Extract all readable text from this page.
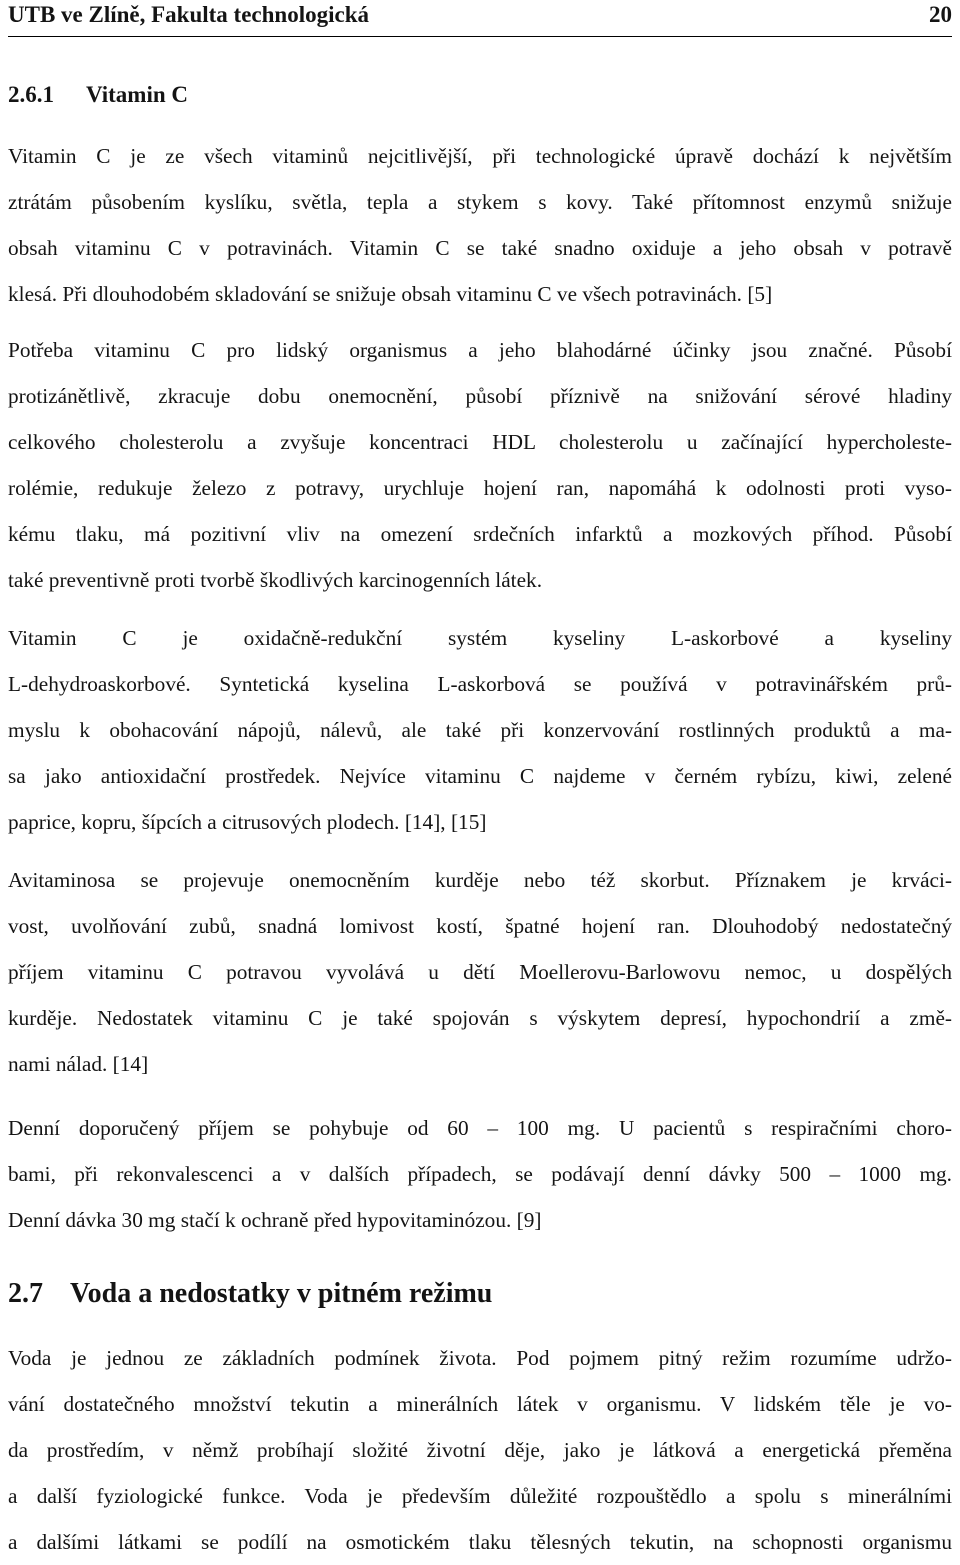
UTB ve Zlíně, Fakulta technologická	20
2.6.1 Vitamin C
Vitamin C je ze všech vitaminů nejcitlivější, při technologické úpravě dochází k největším
ztrátám působením kyslíku, světla, tepla a stykem s kovy. Také přítomnost enzymů snižuje
obsah vitaminu C v potravinách. Vitamin C se také snadno oxiduje a jeho obsah v potravě
klesá. Při dlouhodobém skladování se snižuje obsah vitaminu C ve všech potravinách. [5]
Potřeba vitaminu C pro lidský organismus a jeho blahodárné účinky jsou značné. Působí
protizánětlivě, zkracuje dobu onemocnění, působí příznivě na snižování sérové hladiny
celkového cholesterolu a zvyšuje koncentraci HDL cholesterolu u začínající hypercholeste-
rolémie, redukuje železo z potravy, urychluje hojení ran, napomáhá k odolnosti proti vyso-
kému tlaku, má pozitivní vliv na omezení srdečních infarktů a mozkových příhod. Působí
také preventivně proti tvorbě škodlivých karcinogenních látek.
Vitamin C je oxidačně-redukční systém kyseliny L-askorbové a kyseliny
L-dehydroaskorbové. Syntetická kyselina L-askorbová se používá v potravinářském prů-
myslu k obohacování nápojů, nálevů, ale také při konzervování rostlinných produktů a ma-
sa jako antioxidační prostředek. Nejvíce vitaminu C najdeme v černém rybízu, kiwi, zelené
paprice, kopru, šípcích a citrusových plodech. [14], [15]
Avitaminosa se projevuje onemocněním kurděje nebo též skorbut. Příznakem je krváci-
vost, uvolňování zubů, snadná lomivost kostí, špatné hojení ran. Dlouhodobý nedostatečný
příjem vitaminu C potravou vyvolává u dětí Moellerovu-Barlowovu nemoc, u dospělých
kurděje. Nedostatek vitaminu C je také spojován s výskytem depresí, hypochondrií a změ-
nami nálad. [14]
Denní doporučený příjem se pohybuje od 60 – 100 mg. U pacientů s respiračními choro-
bami, při rekonvalescenci a v dalších případech, se podávají denní dávky 500 – 1000 mg.
Denní dávka 30 mg stačí k ochraně před hypovitaminózou. [9]
2.7 Voda a nedostatky v pitném režimu
Voda je jednou ze základních podmínek života. Pod pojmem pitný režim rozumíme udržo-
vání dostatečného množství tekutin a minerálních látek v organismu. V lidském těle je vo-
da prostředím, v němž probíhají složité životní děje, jako je látková a energetická přeměna
a další fyziologické funkce. Voda je především důležité rozpouštědlo a spolu s minerálními
a dalšími látkami se podílí na osmotickém tlaku tělesných tekutin, na schopnosti organismu
